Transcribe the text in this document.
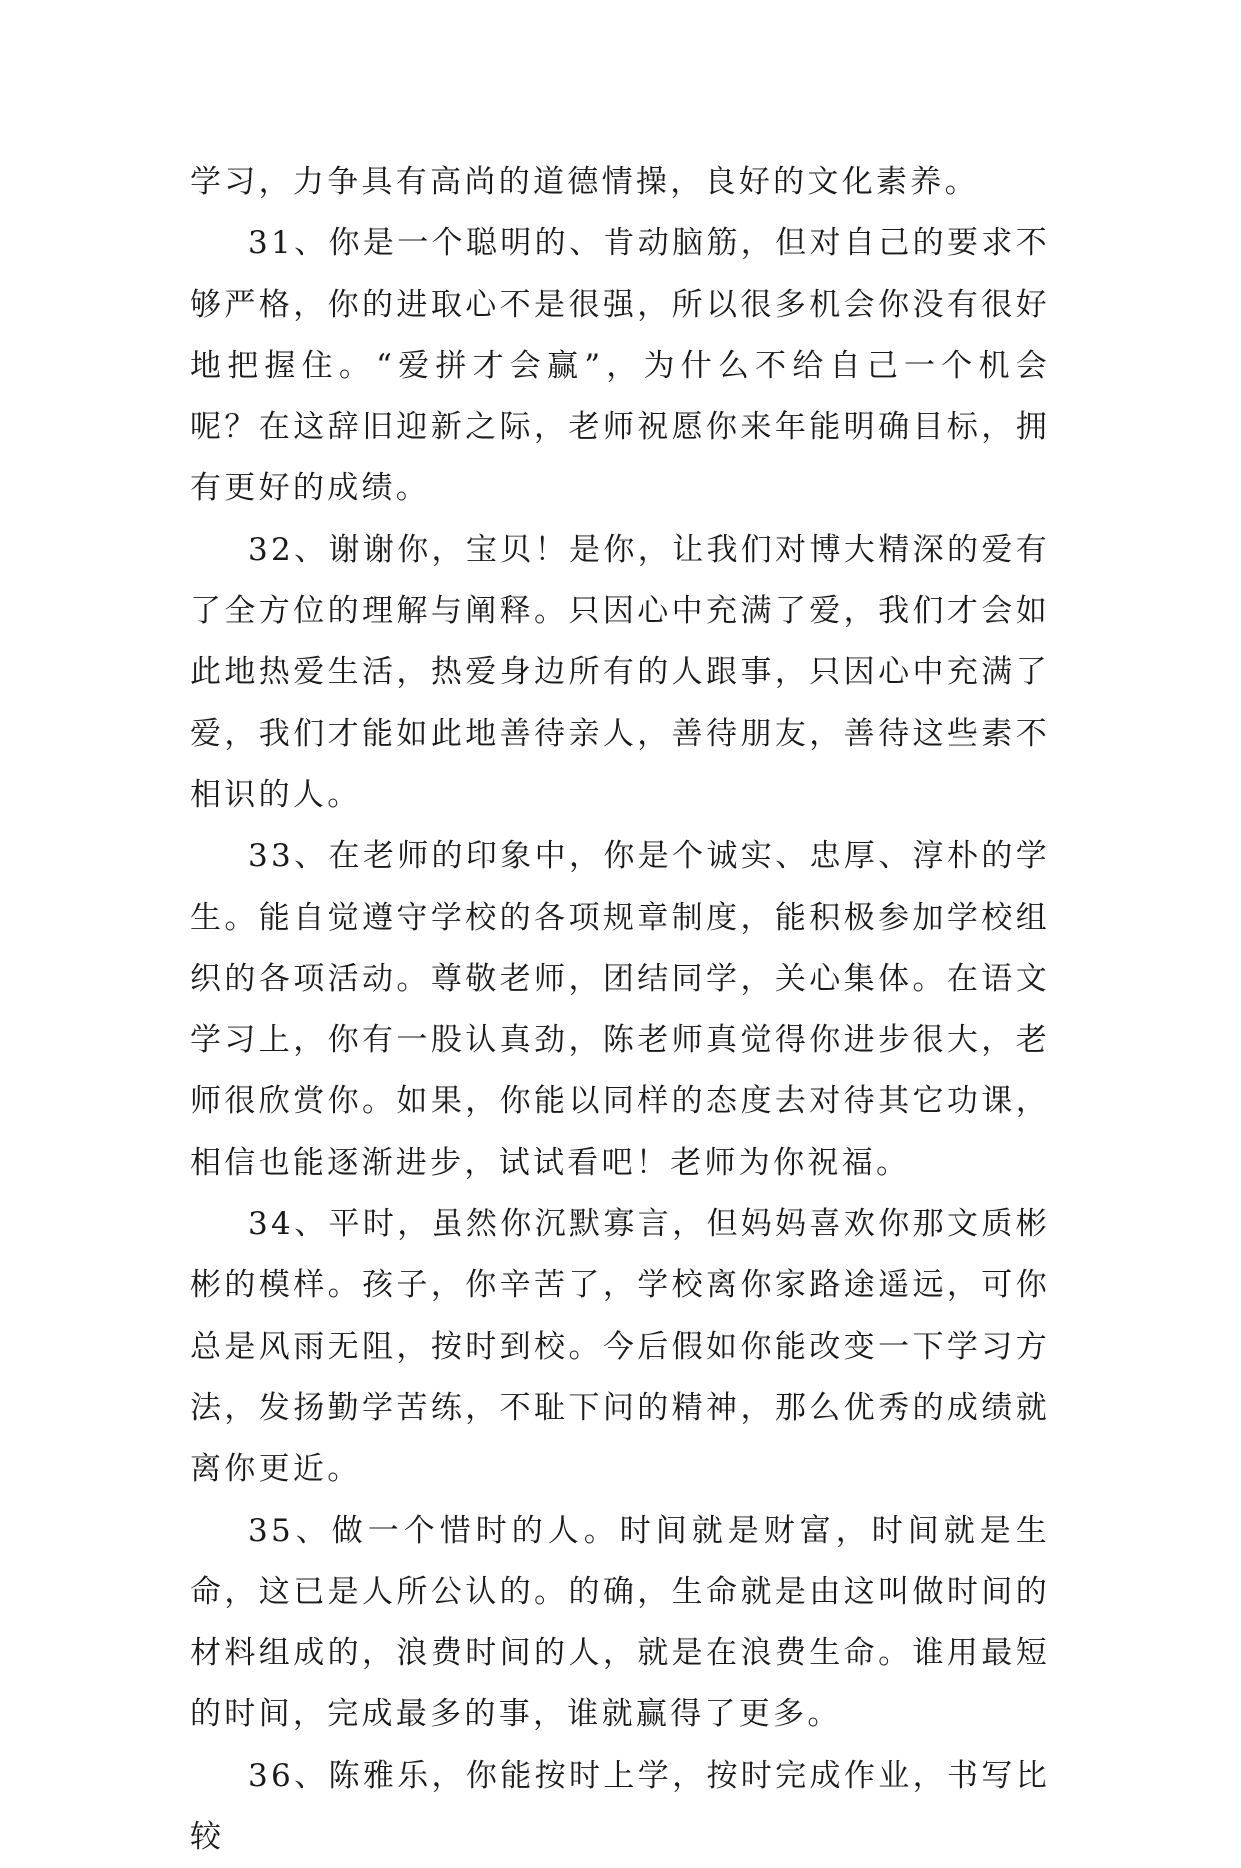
学习，力争具有高尚的道德情操，良好的文化素养。

31、你是一个聪明的、肯动脑筋，但对自己的要求不够严格，你的进取心不是很强，所以很多机会你没有很好地把握住。“爱拼才会赢”，为什么不给自己一个机会呢？在这辞旧迎新之际，老师祝愿你来年能明确目标，拥有更好的成绩。

32、谢谢你，宝贝！是你，让我们对博大精深的爱有了全方位的理解与阐释。只因心中充满了爱，我们才会如此地热爱生活，热爱身边所有的人跟事，只因心中充满了爱，我们才能如此地善待亲人，善待朋友，善待这些素不相识的人。

33、在老师的印象中，你是个诚实、忠厚、淳朴的学生。能自觉遵守学校的各项规章制度，能积极参加学校组织的各项活动。尊敬老师，团结同学，关心集体。在语文学习上，你有一股认真劲，陈老师真觉得你进步很大，老师很欣赏你。如果，你能以同样的态度去对待其它功课，相信也能逐渐进步，试试看吧！老师为你祝福。

34、平时，虽然你沉默寡言，但妈妈喜欢你那文质彬彬的模样。孩子，你辛苦了，学校离你家路途遥远，可你总是风雨无阻，按时到校。今后假如你能改变一下学习方法，发扬勤学苦练，不耻下问的精神，那么优秀的成绩就离你更近。

35、做一个惜时的人。时间就是财富，时间就是生命，这已是人所公认的。的确，生命就是由这叫做时间的材料组成的，浪费时间的人，就是在浪费生命。谁用最短的时间，完成最多的事，谁就赢得了更多。

36、陈雅乐，你能按时上学，按时完成作业，书写比较
